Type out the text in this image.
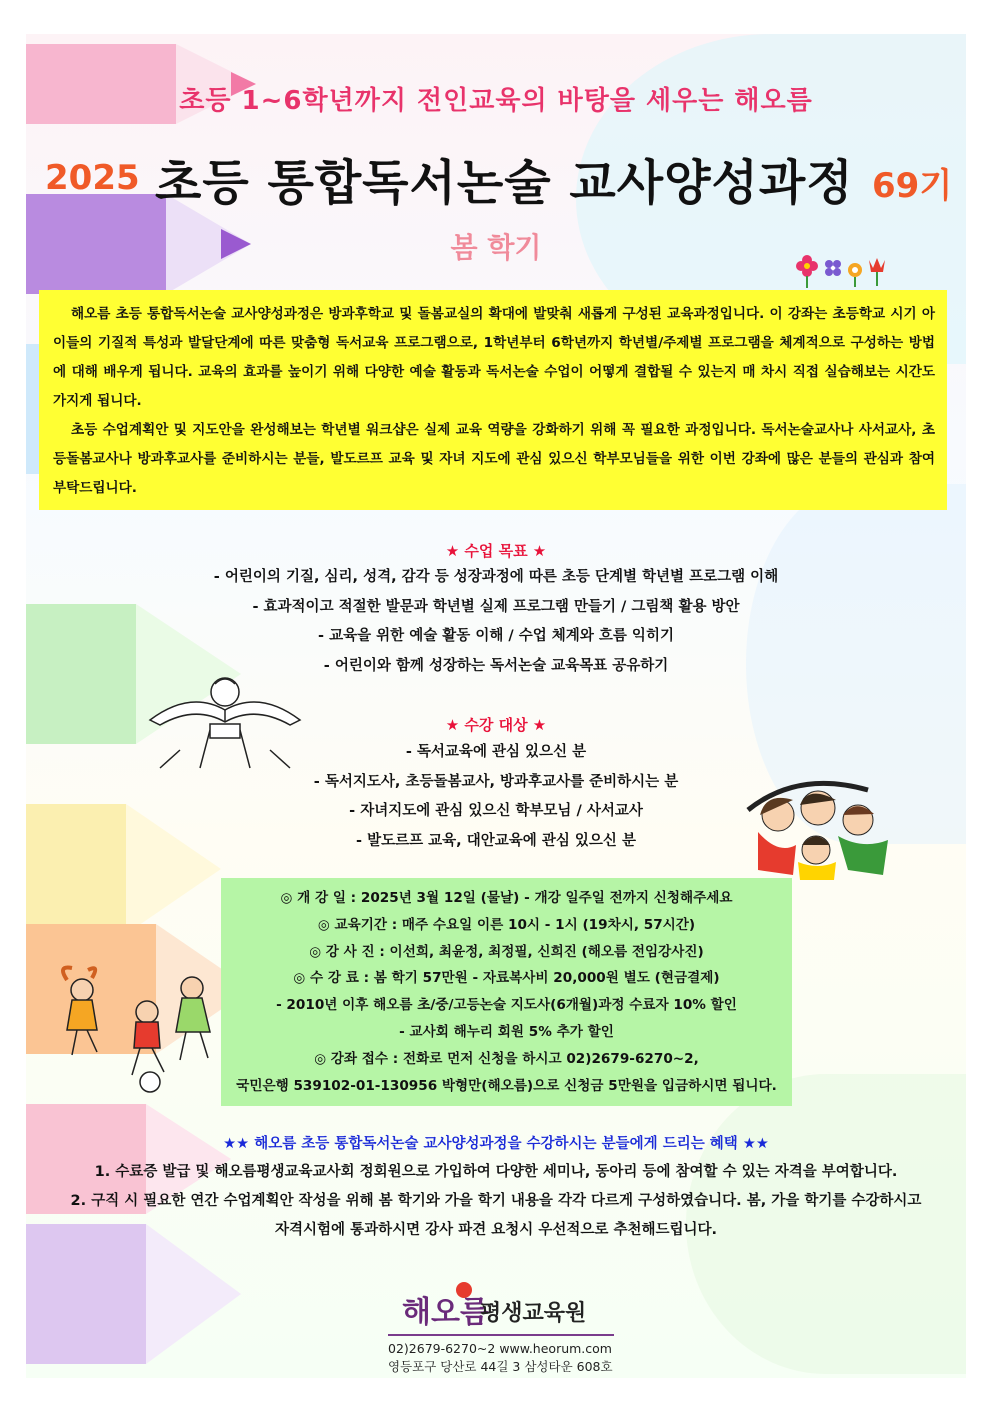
초등 1~6학년까지 전인교육의 바탕을 세우는 해오름
2025 초등 통합독서논술 교사양성과정 69기
봄 학기

해오름 초등 통합독서논술 교사양성과정은 방과후학교 및 돌봄교실의 확대에 발맞춰 새롭게 구성된 교육과정입니다. 이 강좌는 초등학교 시기 아이들의 기질적 특성과 발달단계에 따른 맞춤형 독서교육 프로그램으로, 1학년부터 6학년까지 학년별/주제별 프로그램을 체계적으로 구성하는 방법에 대해 배우게 됩니다. 교육의 효과를 높이기 위해 다양한 예술 활동과 독서논술 수업이 어떻게 결합될 수 있는지 매 차시 직접 실습해보는 시간도 가지게 됩니다.

초등 수업계획안 및 지도안을 완성해보는 학년별 워크샵은 실제 교육 역량을 강화하기 위해 꼭 필요한 과정입니다. 독서논술교사나 사서교사, 초등돌봄교사나 방과후교사를 준비하시는 분들, 발도르프 교육 및 자녀 지도에 관심 있으신 학부모님들을 위한 이번 강좌에 많은 분들의 관심과 참여 부탁드립니다.

★ 수업 목표 ★
- 어린이의 기질, 심리, 성격, 감각 등 성장과정에 따른 초등 단계별 학년별 프로그램 이해
- 효과적이고 적절한 발문과 학년별 실제 프로그램 만들기 / 그림책 활용 방안
- 교육을 위한 예술 활동 이해 / 수업 체계와 흐름 익히기
- 어린이와 함께 성장하는 독서논술 교육목표 공유하기
★ 수강 대상 ★
- 독서교육에 관심 있으신 분
- 독서지도사, 초등돌봄교사, 방과후교사를 준비하시는 분
- 자녀지도에 관심 있으신 학부모님 / 사서교사
- 발도르프 교육, 대안교육에 관심 있으신 분
◎ 개 강 일 : 2025년 3월 12일 (물날) - 개강 일주일 전까지 신청해주세요
◎ 교육기간 : 매주 수요일 이른 10시 - 1시 (19차시, 57시간)
◎ 강 사 진 : 이선희, 최윤정, 최정필, 신희진 (해오름 전임강사진)
◎ 수 강 료 : 봄 학기 57만원 - 자료복사비 20,000원 별도 (현금결제)
- 2010년 이후 해오름 초/중/고등논술 지도사(6개월)과정 수료자 10% 할인
- 교사회 해누리 회원 5% 추가 할인
◎ 강좌 접수 : 전화로 먼저 신청을 하시고 02)2679-6270~2,
국민은행 539102-01-130956 박형만(해오름)으로 신청금 5만원을 입금하시면 됩니다.
★★ 해오름 초등 통합독서논술 교사양성과정을 수강하시는 분들에게 드리는 혜택 ★★
1. 수료증 발급 및 해오름평생교육교사회 정회원으로 가입하여 다양한 세미나, 동아리 등에 참여할 수 있는 자격을 부여합니다.
2. 구직 시 필요한 연간 수업계획안 작성을 위해 봄 학기와 가을 학기 내용을 각각 다르게 구성하였습니다. 봄, 가을 학기를 수강하시고
자격시험에 통과하시면 강사 파견 요청시 우선적으로 추천해드립니다.
해오름
평생교육원
02)2679-6270~2 www.heorum.com
영등포구 당산로 44길 3 삼성타운 608호
